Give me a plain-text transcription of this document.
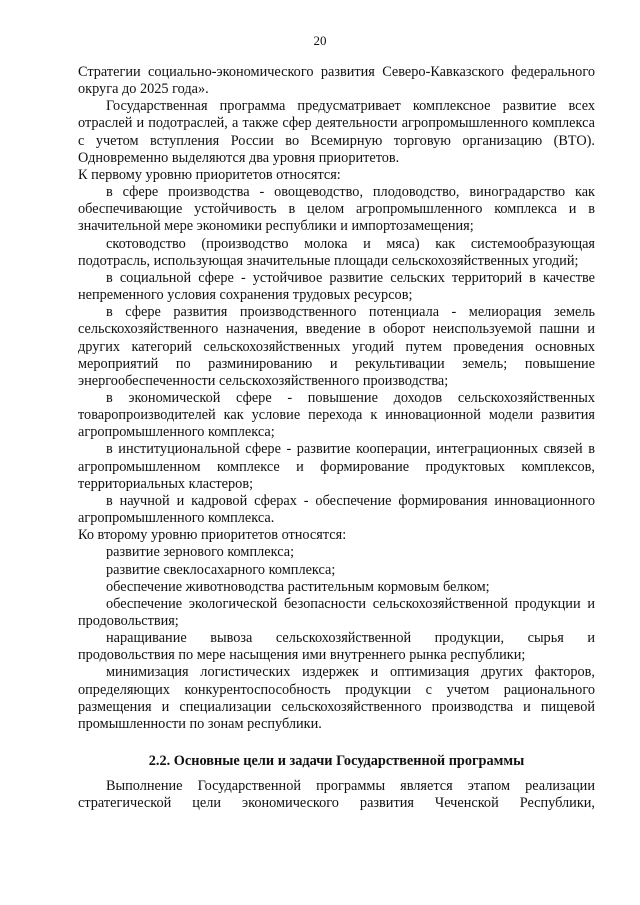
20

Стратегии социально-экономического развития Северо-Кавказского федерального округа до 2025 года».

Государственная программа предусматривает комплексное развитие всех отраслей и подотраслей, а также сфер деятельности агропромышленного комплекса с учетом вступления России во Всемирную торговую организацию (ВТО). Одновременно выделяются два уровня приоритетов.

К первому уровню приоритетов относятся:

в сфере производства - овощеводство, плодоводство, виноградарство как обеспечивающие устойчивость в целом агропромышленного комплекса и в значительной мере экономики республики и импортозамещения;

скотоводство (производство молока и мяса) как системообразующая подотрасль, использующая значительные площади сельскохозяйственных угодий;

в социальной сфере - устойчивое развитие сельских территорий в качестве непременного условия сохранения трудовых ресурсов;

в сфере развития производственного потенциала - мелиорация земель сельскохозяйственного назначения, введение в оборот неиспользуемой пашни и других категорий сельскохозяйственных угодий путем проведения основных мероприятий по разминированию и рекультивации земель; повышение энергообеспеченности сельскохозяйственного производства;

в экономической сфере - повышение доходов сельскохозяйственных товаропроизводителей как условие перехода к инновационной модели развития агропромышленного комплекса;

в институциональной сфере - развитие кооперации, интеграционных связей в агропромышленном комплексе и формирование продуктовых комплексов, территориальных кластеров;

в научной и кадровой сферах - обеспечение формирования инновационного агропромышленного комплекса.

Ко второму уровню приоритетов относятся:

развитие зернового комплекса;

развитие свеклосахарного комплекса;

обеспечение животноводства растительным кормовым белком;

обеспечение экологической безопасности сельскохозяйственной продукции и продовольствия;

наращивание вывоза сельскохозяйственной продукции, сырья и продовольствия по мере насыщения ими внутреннего рынка республики;

минимизация логистических издержек и оптимизация других факторов, определяющих конкурентоспособность продукции с учетом рационального размещения и специализации сельскохозяйственного производства и пищевой промышленности по зонам республики.

2.2. Основные цели и задачи Государственной программы

Выполнение Государственной программы является этапом реализации стратегической цели экономического развития Чеченской Республики,
